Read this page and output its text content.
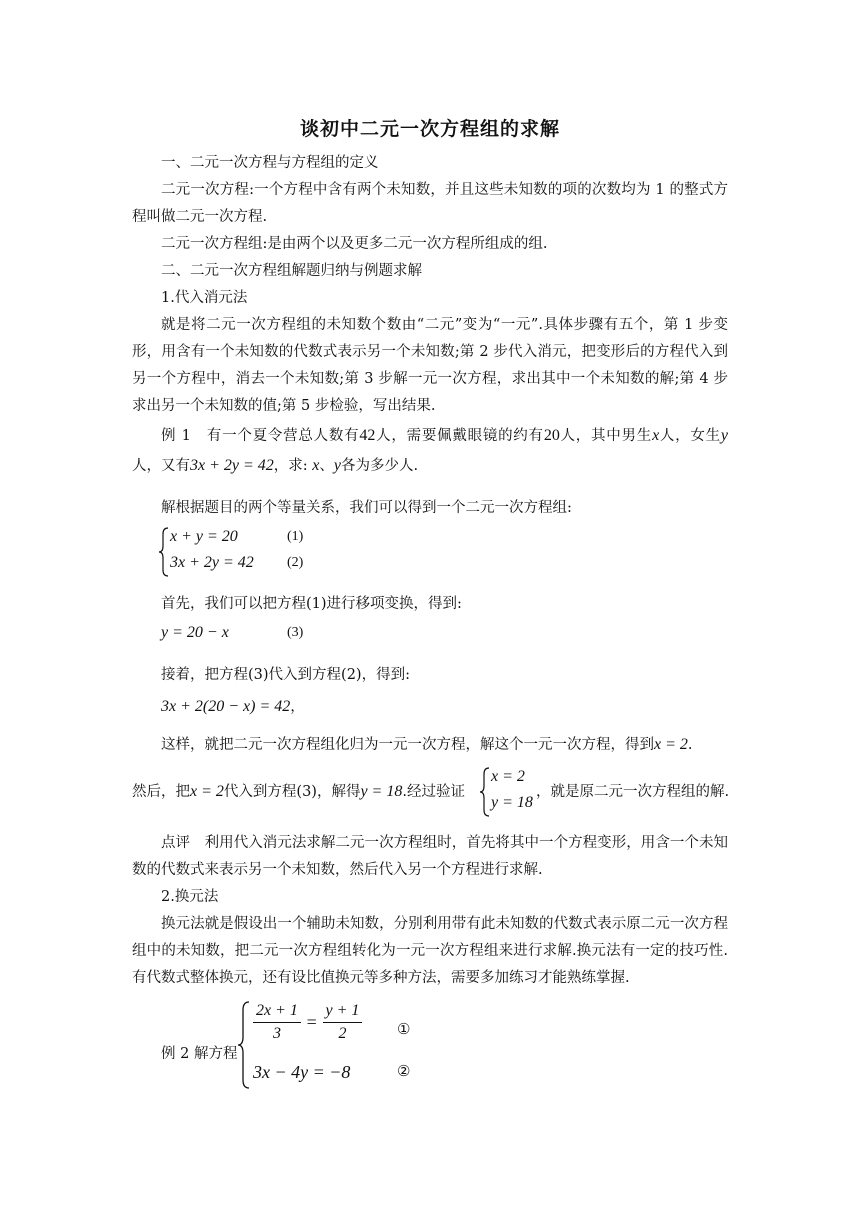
谈初中二元一次方程组的求解
一、二元一次方程与方程组的定义
二元一次方程:一个方程中含有两个未知数，并且这些未知数的项的次数均为 1 的整式方程叫做二元一次方程.
二元一次方程组:是由两个以及更多二元一次方程所组成的组.
二、二元一次方程组解题归纳与例题求解
1.代入消元法
就是将二元一次方程组的未知数个数由“二元”变为“一元”.具体步骤有五个，第 1 步变形，用含有一个未知数的代数式表示另一个未知数;第 2 步代入消元，把变形后的方程代入到另一个方程中，消去一个未知数;第 3 步解一元一次方程，求出其中一个未知数的解;第 4 步求出另一个未知数的值;第 5 步检验，写出结果.
例 1　 有一个夏令营总人数有42人，需要佩戴眼镜的约有20人，其中男生x人，女生y人，又有3x + 2y = 42，求: x、y各为多少人.
解根据题目的两个等量关系，我们可以得到一个二元一次方程组:
x + y = 20	(1)
3x + 2y = 42 (2)
首先，我们可以把方程(1)进行移项变换，得到:
y = 20 − x	(3)
接着，把方程(3)代入到方程(2)，得到:
3x + 2(20 − x) = 42，
这样，就把二元一次方程组化归为一元一次方程，解这个一元一次方程，得到x = 2.
然后，把x = 2代入到方程(3)，解得y = 18.经过验证
x = 2
y = 18
，就是原二元一次方程组的解.
点评　利用代入消元法求解二元一次方程组时，首先将其中一个方程变形，用含一个未知数的代数式来表示另一个未知数，然后代入另一个方程进行求解.
2.换元法
换元法就是假设出一个辅助未知数，分别利用带有此未知数的代数式表示原二元一次方程组中的未知数，把二元一次方程组转化为一元一次方程组来进行求解.换元法有一定的技巧性.有代数式整体换元，还有设比值换元等多种方法，需要多加练习才能熟练掌握.
例 2 解方程
$\frac{2x + 1}{3} = \frac{y + 1}{2}$ ①
3x − 4y = −8	②
